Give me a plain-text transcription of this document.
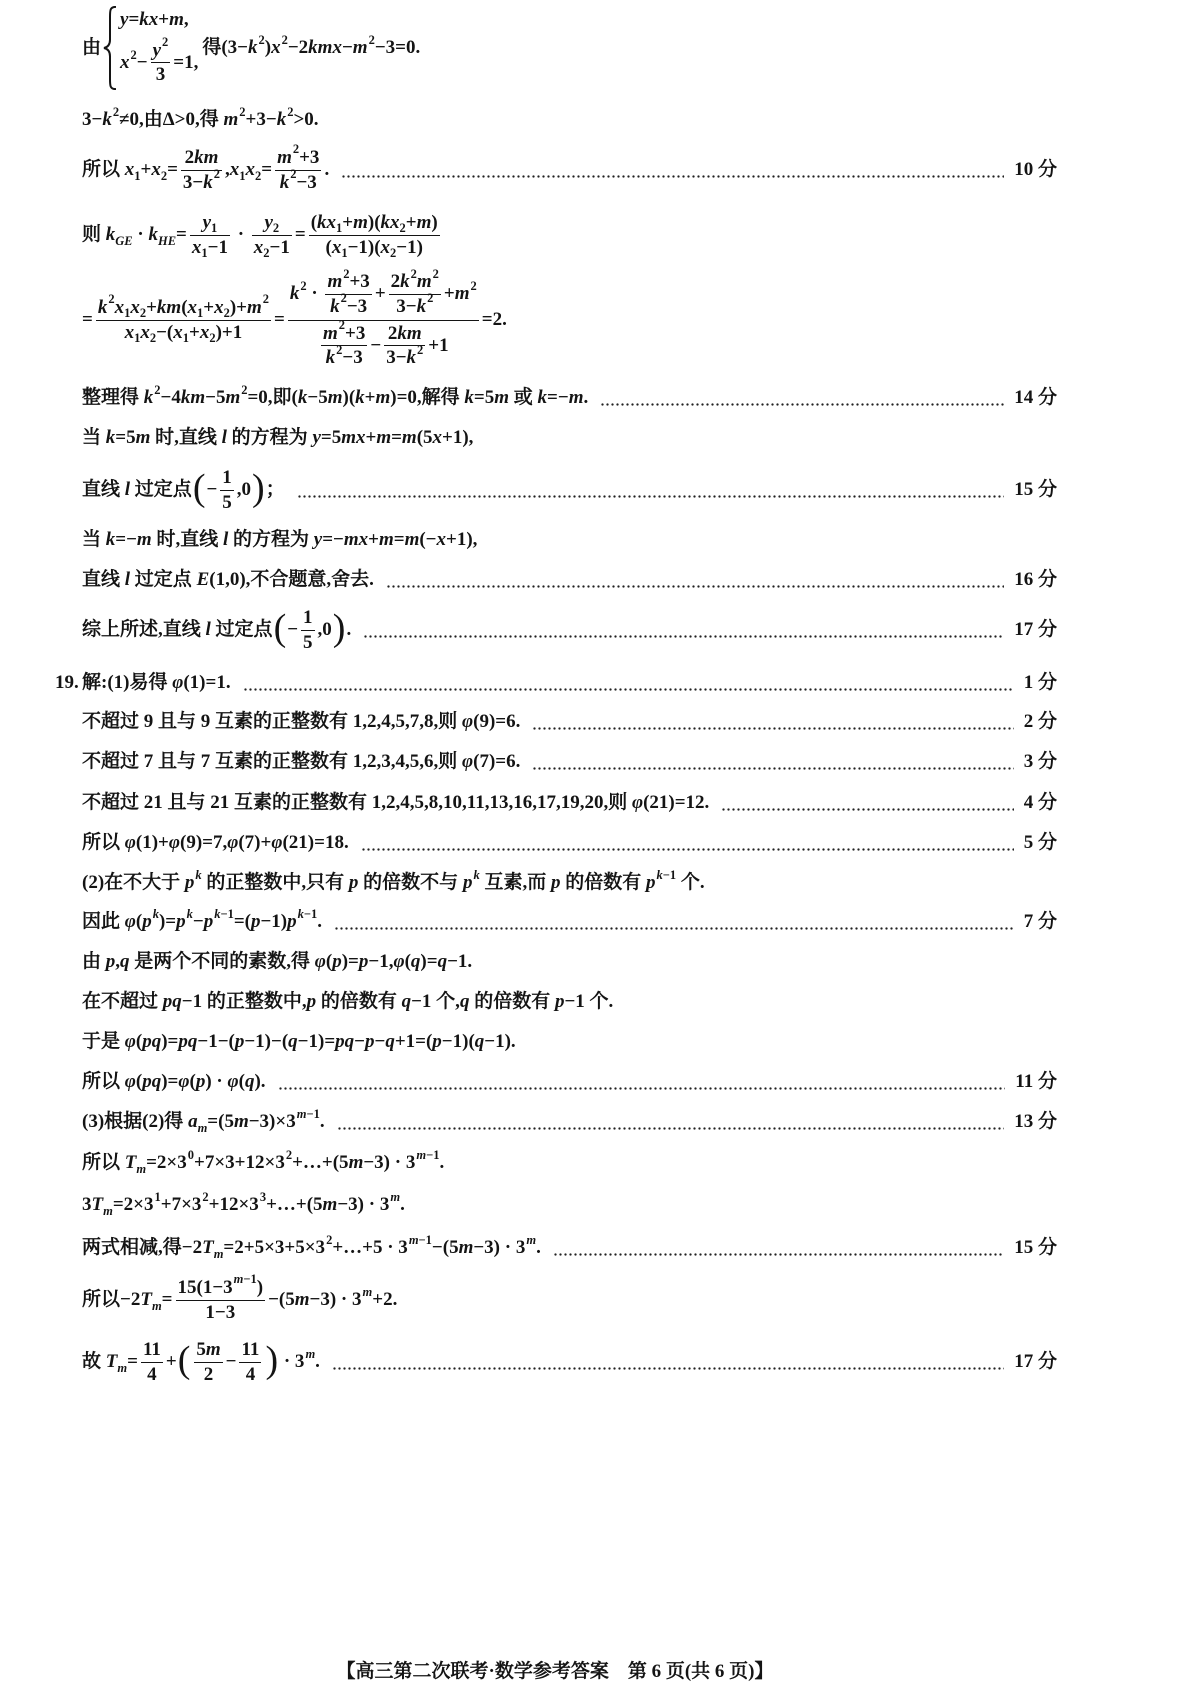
由
y = kx + m ,
x $2 - \frac{y 2}{3} =1$,
得(3− k 2 ) x 2 −2 kmx − m 2 −3=0.
3− k 2 ≠0,由Δ>0,得 m 2 +3− k 2 >0.
所以 x 1 + x $2 = \frac{2 km}{3- k 2}$ , x 1 x $2 = \frac{m 2 +3}{k 2 -3}$ .	10 分
则 k GE · k HE = $\frac{y 1}{x 1 -1} \cdot \frac{y 2}{x 2 -1} = \frac{( kx 1 + m )( kx 2 + m )}{( x 1 -1)( x 2 -1)}$
= $\frac{k 2 x 1 x 2 + km ( x 1 + x 2 )+ m 2}{x 1 x 2 -( x 1 + x 2 )+1} = \frac{k 2 \cdot \frac{m 2 +3}{k 2 -3} + \frac{2 k 2 m 2}{3- k 2} + m 2}{\frac{m 2 +3}{k 2 -3} - \frac{2 km}{3- k 2} +1} =2$.
整理得 k 2 −4 km −5 m 2 =0,即( k −5 m )( k + m )=0,解得 k =5 m 或 k =− m .	14 分
当 k =5 m 时,直线 l 的方程为 y =5 mx + m = m (5 x +1),
直线 l 过定点 ( − $\frac{1}{5} ,0$ ) ；	15 分
当 k =− m 时,直线 l 的方程为 y =− mx + m = m (− x +1),
直线 l 过定点 E (1,0),不合题意,舍去.	16 分
综上所述,直线 l 过定点 ( − $\frac{1}{5} ,0$ ) .	17 分
19. 解:(1)易得 φ (1)=1.	1 分
不超过 9 且与 9 互素的正整数有 1,2,4,5,7,8,则 φ (9)=6.	2 分
不超过 7 且与 7 互素的正整数有 1,2,3,4,5,6,则 φ (7)=6.	3 分
不超过 21 且与 21 互素的正整数有 1,2,4,5,8,10,11,13,16,17,19,20,则 φ (21)=12.	4 分
所以 φ (1)+ φ (9)=7, φ (7)+ φ (21)=18.	5 分
(2)在不大于 p k 的正整数中,只有 p 的倍数不与 p k 互素,而 p 的倍数有 p k −1 个.
因此 φ ( p k )= p k − p k −1 =( p −1) p k −1 .	7 分
由 p , q 是两个不同的素数,得 φ ( p )= p −1, φ ( q )= q −1.
在不超过 pq −1 的正整数中, p 的倍数有 q −1 个, q 的倍数有 p −1 个.
于是 φ ( pq )= pq −1−( p −1)−( q −1)= pq − p − q +1=( p −1)( q −1).
所以 φ ( pq )= φ ( p ) · φ ( q ).	11 分
(3)根据(2)得 a m =(5 m −3)×3 m −1 .	13 分
所以 T m =2×3 0 +7×3+12×3 2 +…+(5 m −3) · 3 m −1 .
3 T m =2×3 1 +7×3 2 +12×3 3 +…+(5 m −3) · 3 m .
两式相减,得−2 T m =2+5×3+5×3 2 +…+5 · 3 m −1 −(5 m −3) · 3 m .	15 分
所以−2 T $m = \frac{15(1-3 m -1 )}{1-3} -(5$ m −3) · 3 m +2.
故 T $m = \frac{11}{4}$ + ( $\frac{5 m}{2} - \frac{11}{4}$ ) · 3 m .	17 分
【高三第二次联考·数学参考答案　第 6 页(共 6 页)】
